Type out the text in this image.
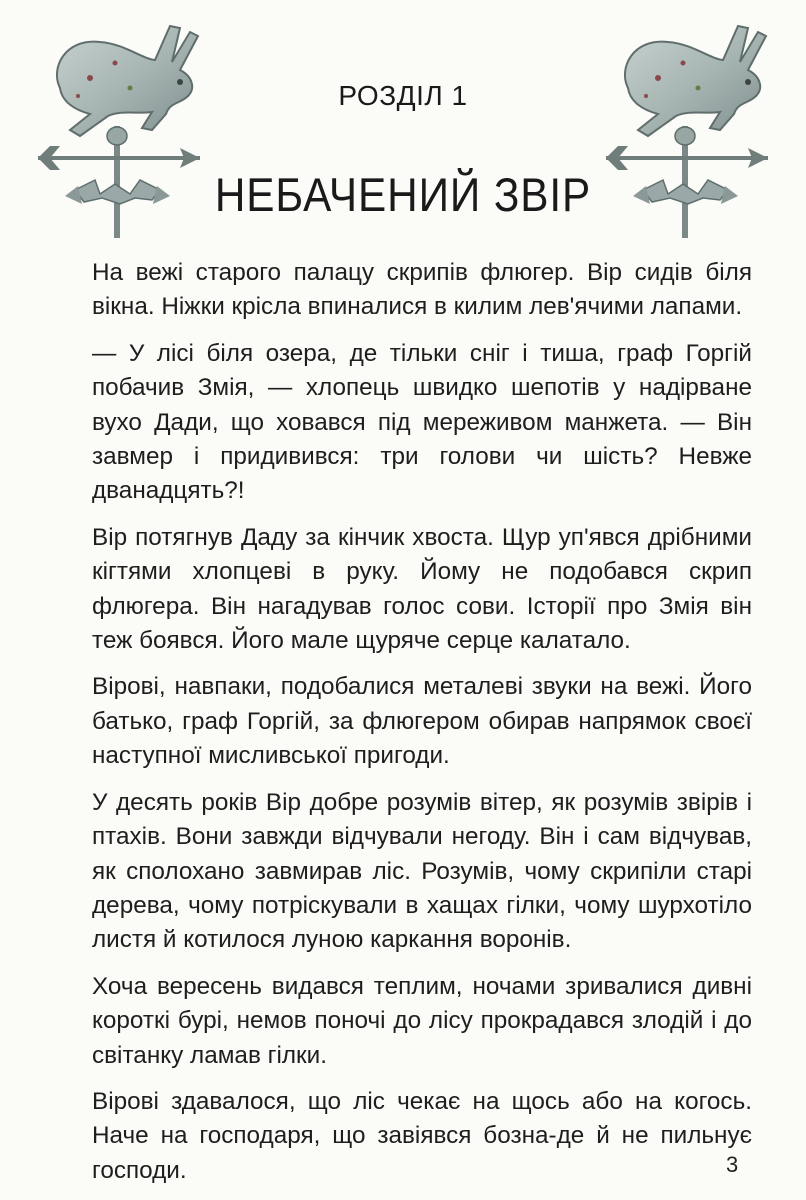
РОЗДІЛ 1
НЕБАЧЕНИЙ ЗВІР

На вежі старого палацу скрипів флюгер. Вір сидів біля вікна. Ніжки крісла впиналися в килим лев'ячими лапами.

— У лісі біля озера, де тільки сніг і тиша, граф Горгій побачив Змія, — хлопець швидко шепотів у надірване вухо Дади, що ховався під мереживом манжета. — Він завмер і придивився: три голови чи шість? Невже дванадцять?!

Вір потягнув Даду за кінчик хвоста. Щур уп'явся дрібними кігтями хлопцеві в руку. Йому не подобався скрип флюгера. Він нагадував голос сови. Історії про Змія він теж боявся. Його мале щуряче серце калатало.

Вірові, навпаки, подобалися металеві звуки на вежі. Його батько, граф Горгій, за флюгером обирав напрямок своєї наступної мисливської пригоди.

У десять років Вір добре розумів вітер, як розумів звірів і птахів. Вони завжди відчували негоду. Він і сам відчував, як сполохано завмирав ліс. Розумів, чому скрипіли старі дерева, чому потріскували в хащах гілки, чому шурхотіло листя й котилося луною каркання воронів.

Хоча вересень видався теплим, ночами зривалися дивні короткі бурі, немов поночі до лісу прокрадався злодій і до світанку ламав гілки.

Вірові здавалося, що ліс чекає на щось або на когось. Наче на господаря, що завіявся бозна-де й не пильнує господи.	3
